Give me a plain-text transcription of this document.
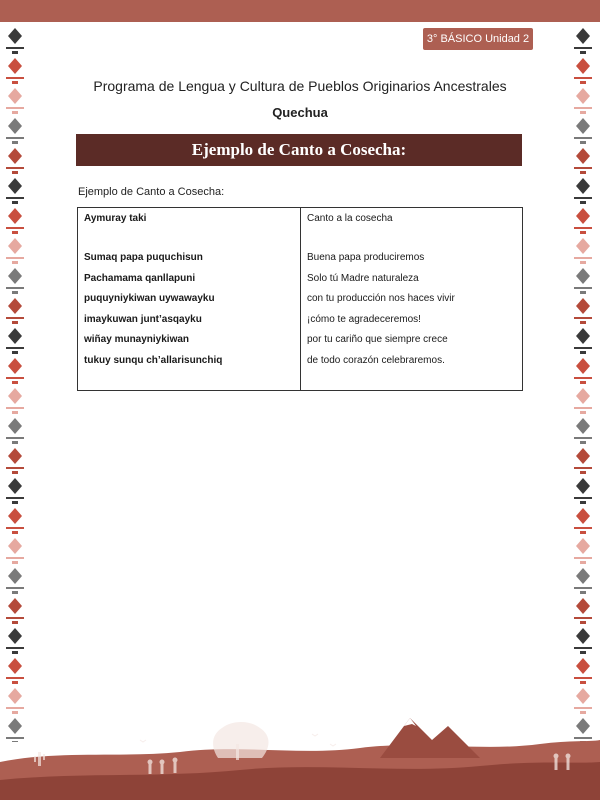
3° BÁSICO Unidad 2
Programa de Lengua y Cultura de Pueblos Originarios Ancestrales
Quechua
Ejemplo de Canto a Cosecha:
Ejemplo de Canto a Cosecha:
Aymuray taki
Sumaq papa puquchisun
Pachamama qanllapuni
puquyniykiwan uywawayku
imaykuwan junt’asqayku
wiñay munayniykiwan
tukuy sunqu ch’allarisunchiq
Canto a la cosecha
Buena papa produciremos
Solo tú Madre naturaleza
con tu producción nos haces vivir
¡cómo te agradeceremos!
por tu cariño que siempre crece
de todo corazón celebraremos.
